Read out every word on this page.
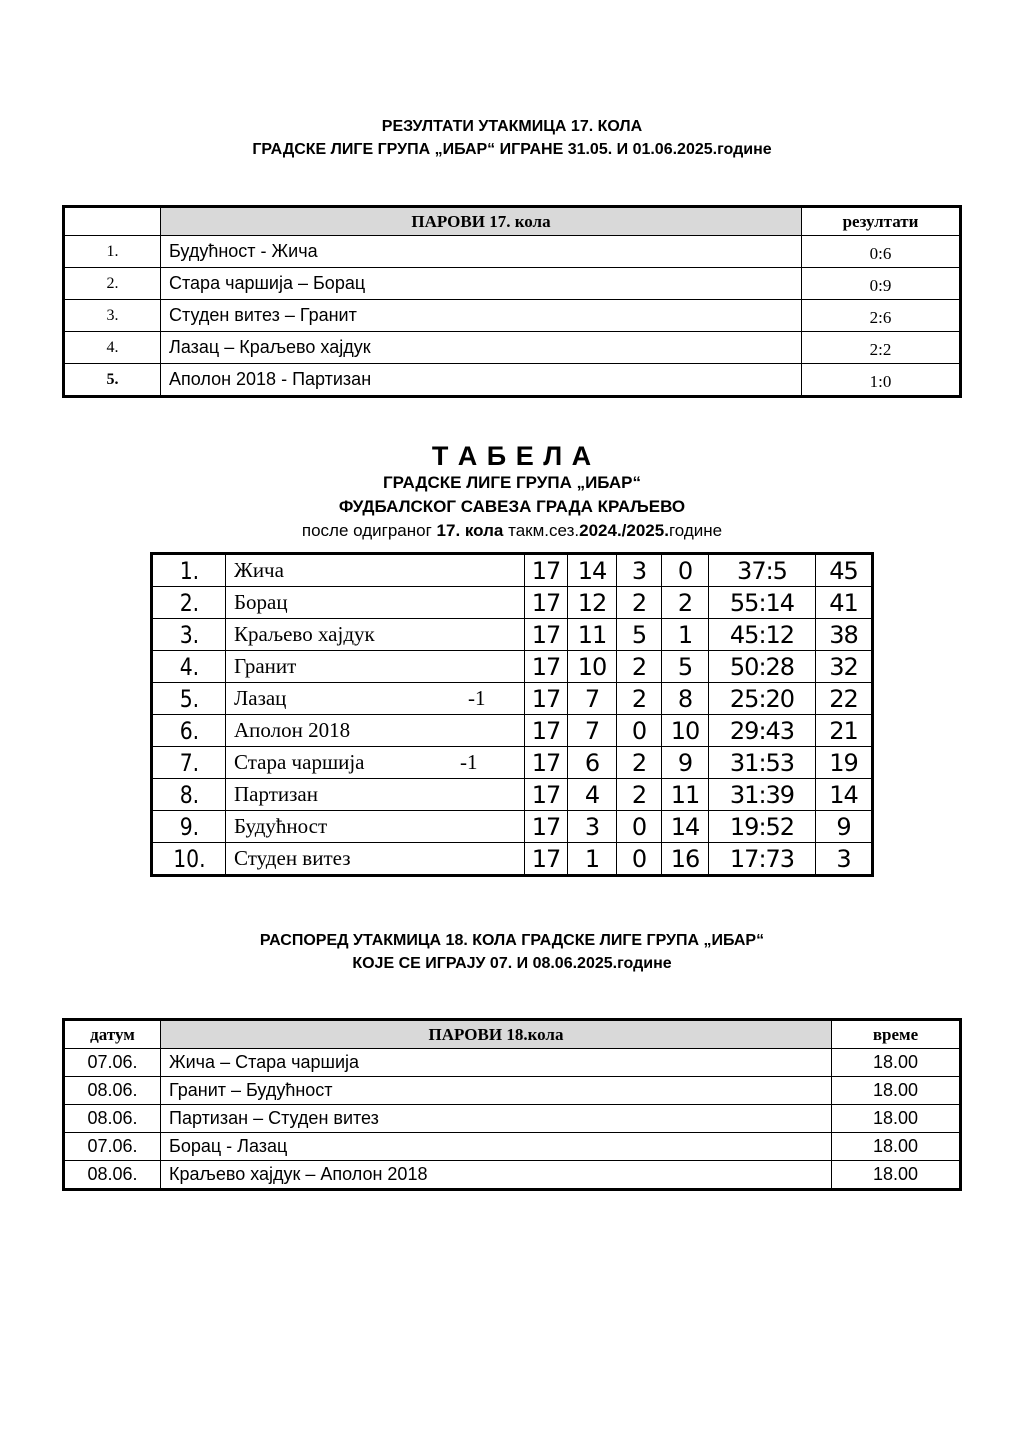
РЕЗУЛТАТИ УТАКМИЦА 17. КОЛА
ГРАДСКЕ ЛИГЕ ГРУПА „ИБАР“ ИГРАНЕ 31.05. И 01.06.2025.године
	ПАРОВИ 17. кола	резултати
1.	Будућност - Жича	0:6
2.	Стара чаршија – Борац	0:9
3.	Студен витез – Гранит	2:6
4.	Лазац – Краљево хајдук	2:2
5.	Аполон 2018 - Партизан	1:0
Т А Б Е Л А
ГРАДСКЕ ЛИГЕ ГРУПА „ИБАР“
ФУДБАЛСКОГ САВЕЗА ГРАДА КРАЉЕВО
после одиграног 17. кола такм.сез.2024./2025.године
1.	Жича	17	14	3	0	37:5	45
2.	Борац	17	12	2	2	55:14	41
3.	Краљево хајдук	17	11	5	1	45:12	38
4.	Гранит	17	10	2	5	50:28	32
5.	Лазац -1	17	7	2	8	25:20	22
6.	Аполон 2018	17	7	0	10	29:43	21
7.	Стара чаршија -1	17	6	2	9	31:53	19
8.	Партизан	17	4	2	11	31:39	14
9.	Будућност	17	3	0	14	19:52	9
10.	Студен витез	17	1	0	16	17:73	3
РАСПОРЕД УТАКМИЦА 18. КОЛА ГРАДСКЕ ЛИГЕ ГРУПА „ИБАР“
КОЈЕ СЕ ИГРАЈУ 07. И 08.06.2025.године
датум	ПАРОВИ 18.кола	време
07.06.	Жича – Стара чаршија	18.00
08.06.	Гранит – Будућност	18.00
08.06.	Партизан – Студен витез	18.00
07.06.	Борац - Лазац	18.00
08.06.	Краљево хајдук – Аполон 2018	18.00
